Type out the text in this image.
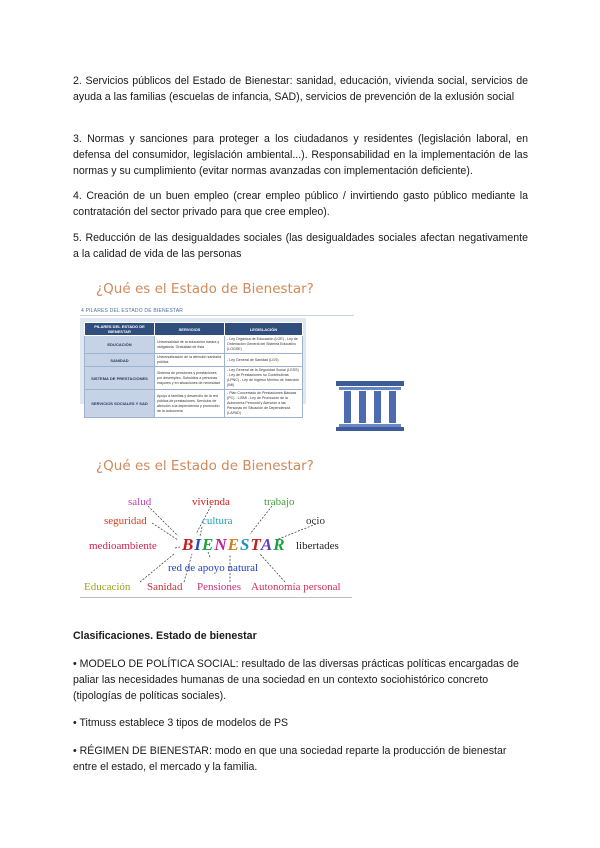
2. Servicios públicos del Estado de Bienestar: sanidad, educación, vivienda social, servicios de ayuda a las familias (escuelas de infancia, SAD), servicios de prevención de la exlusión social

3. Normas y sanciones para proteger a los ciudadanos y residentes (legislación laboral, en defensa del consumidor, legislación ambiental...). Responsabilidad en la implementación de las normas y su cumplimiento (evitar normas avanzadas con implementación deficiente).

4. Creación de un buen empleo (crear empleo público / invirtiendo gasto público mediante la contratación del sector privado para que cree empleo).

5. Reducción de las desigualdades sociales (las desigualdades sociales afectan negativamente a la calidad de vida de las personas

¿Qué es el Estado de Bienestar?
4 PILARES DEL ESTADO DE BIENESTAR
PILARES DEL ESTADO DE BIENESTAR	SERVICIOS	LEGISLACIÓN
EDUCACIÓN	Universalidad de la educación básica y obligatoria. Gratuidad de ésta	- Ley Orgánica de Educación (LOE) - Ley de Ordenación General del Sistema Educativo (LOGSE)
SANIDAD	Universalización de la atención sanitaria pública	- Ley General de Sanidad (LGS)
SISTEMA DE PRESTACIONES	Sistema de pensiones y prestaciones por desempleo. Subsidios a personas mayores y en situaciones de necesidad	- Ley General de la Seguridad Social (LGSS) - Ley de Prestaciones no Contributivas (LPNC) - Ley de Ingreso Mínimo de Inserción (IMI)
SERVICIOS SOCIALES Y SAD	Apoyo a familias y desarrollo de la red pública de prestaciones. Servicios de atención a la dependencia y promoción de la autonomía	- Plan Concertado de Prestaciones Básicas (PC) - LISMI - Ley de Promoción de la Autonomía Personal y Atención a las Personas en Situación de Dependencia (LAPAD)
¿Qué es el Estado de Bienestar?
salud	vivienda	trabajo
seguridad	cultura	ocio
medioambiente	libertades
BIENESTAR
red de apoyo natural
Educación Sanidad Pensiones Autonomía personal

Clasificaciones. Estado de bienestar

• MODELO DE POLÍTICA SOCIAL: resultado de las diversas prácticas políticas encargadas de paliar las necesidades humanas de una sociedad en un contexto sociohistórico concreto (tipologías de políticas sociales).

• Titmuss establece 3 tipos de modelos de PS

• RÉGIMEN DE BIENESTAR: modo en que una sociedad reparte la producción de bienestar entre el estado, el mercado y la familia.
